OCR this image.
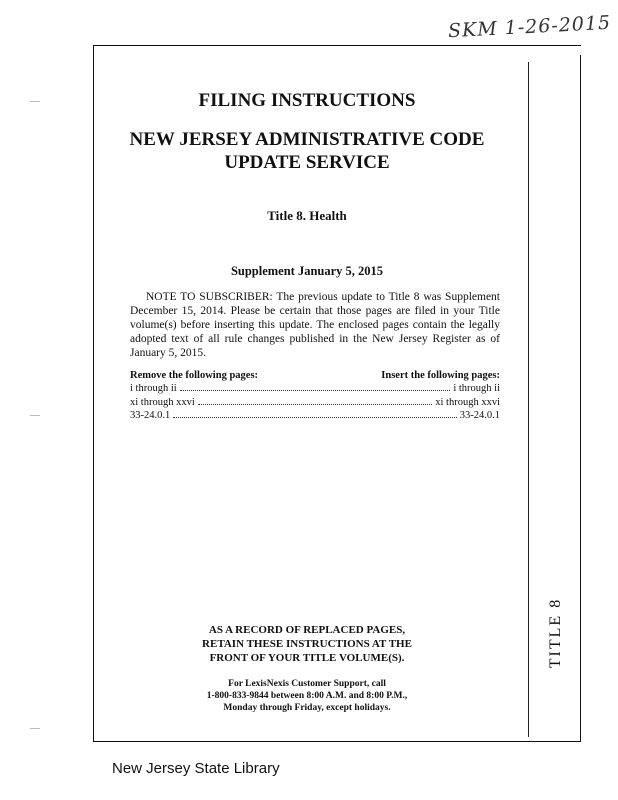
SKM 1-26-2015
TITLE 8
FILING INSTRUCTIONS
NEW JERSEY ADMINISTRATIVE CODE
UPDATE SERVICE
Title 8. Health
Supplement January 5, 2015
NOTE TO SUBSCRIBER: The previous update to Title 8 was Supplement December 15, 2014. Please be certain that those pages are filed in your Title volume(s) before inserting this update. The enclosed pages contain the legally adopted text of all rule changes published in the New Jersey Register as of January 5, 2015.
Remove the following pages:	Insert the following pages:
i through ii	i through ii
xi through xxvi	xi through xxvi
33-24.0.1	33-24.0.1
AS A RECORD OF REPLACED PAGES,
RETAIN THESE INSTRUCTIONS AT THE
FRONT OF YOUR TITLE VOLUME(S).
For LexisNexis Customer Support, call
1-800-833-9844 between 8:00 A.M. and 8:00 P.M.,
Monday through Friday, except holidays.
New Jersey State Library
